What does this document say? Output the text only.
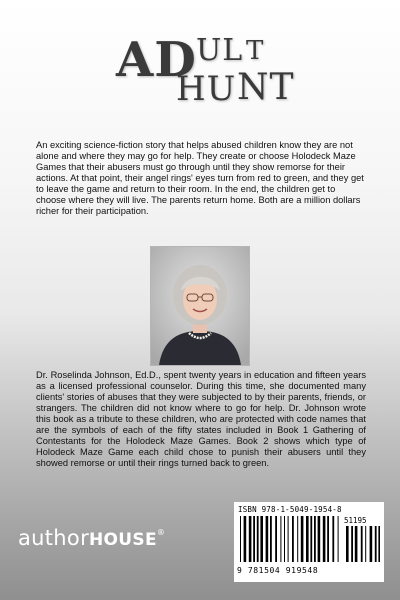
AD UL T
HU NT
An exciting science-fiction story that helps abused children know they are not alone and where they may go for help. They create or choose Holodeck Maze Games that their abusers must go through until they show remorse for their actions. At that point, their angel rings' eyes turn from red to green, and they get to leave the game and return to their room. In the end, the children get to choose where they will live. The parents return home. Both are a million dollars richer for their participation.
Dr. Roselinda Johnson, Ed.D., spent twenty years in education and fifteen years as a licensed professional counselor. During this time, she documented many clients' stories of abuses that they were subjected to by their parents, friends, or strangers. The children did not know where to go for help. Dr. Johnson wrote this book as a tribute to these children, who are protected with code names that are the symbols of each of the fifty states included in Book 1 Gathering of Contestants for the Holodeck Maze Games. Book 2 shows which type of Holodeck Maze Game each child chose to punish their abusers until they showed remorse or until their rings turned back to green.
authorHOUSE®
ISBN 978-1-5049-1954-8
51195
9 781504 919548
